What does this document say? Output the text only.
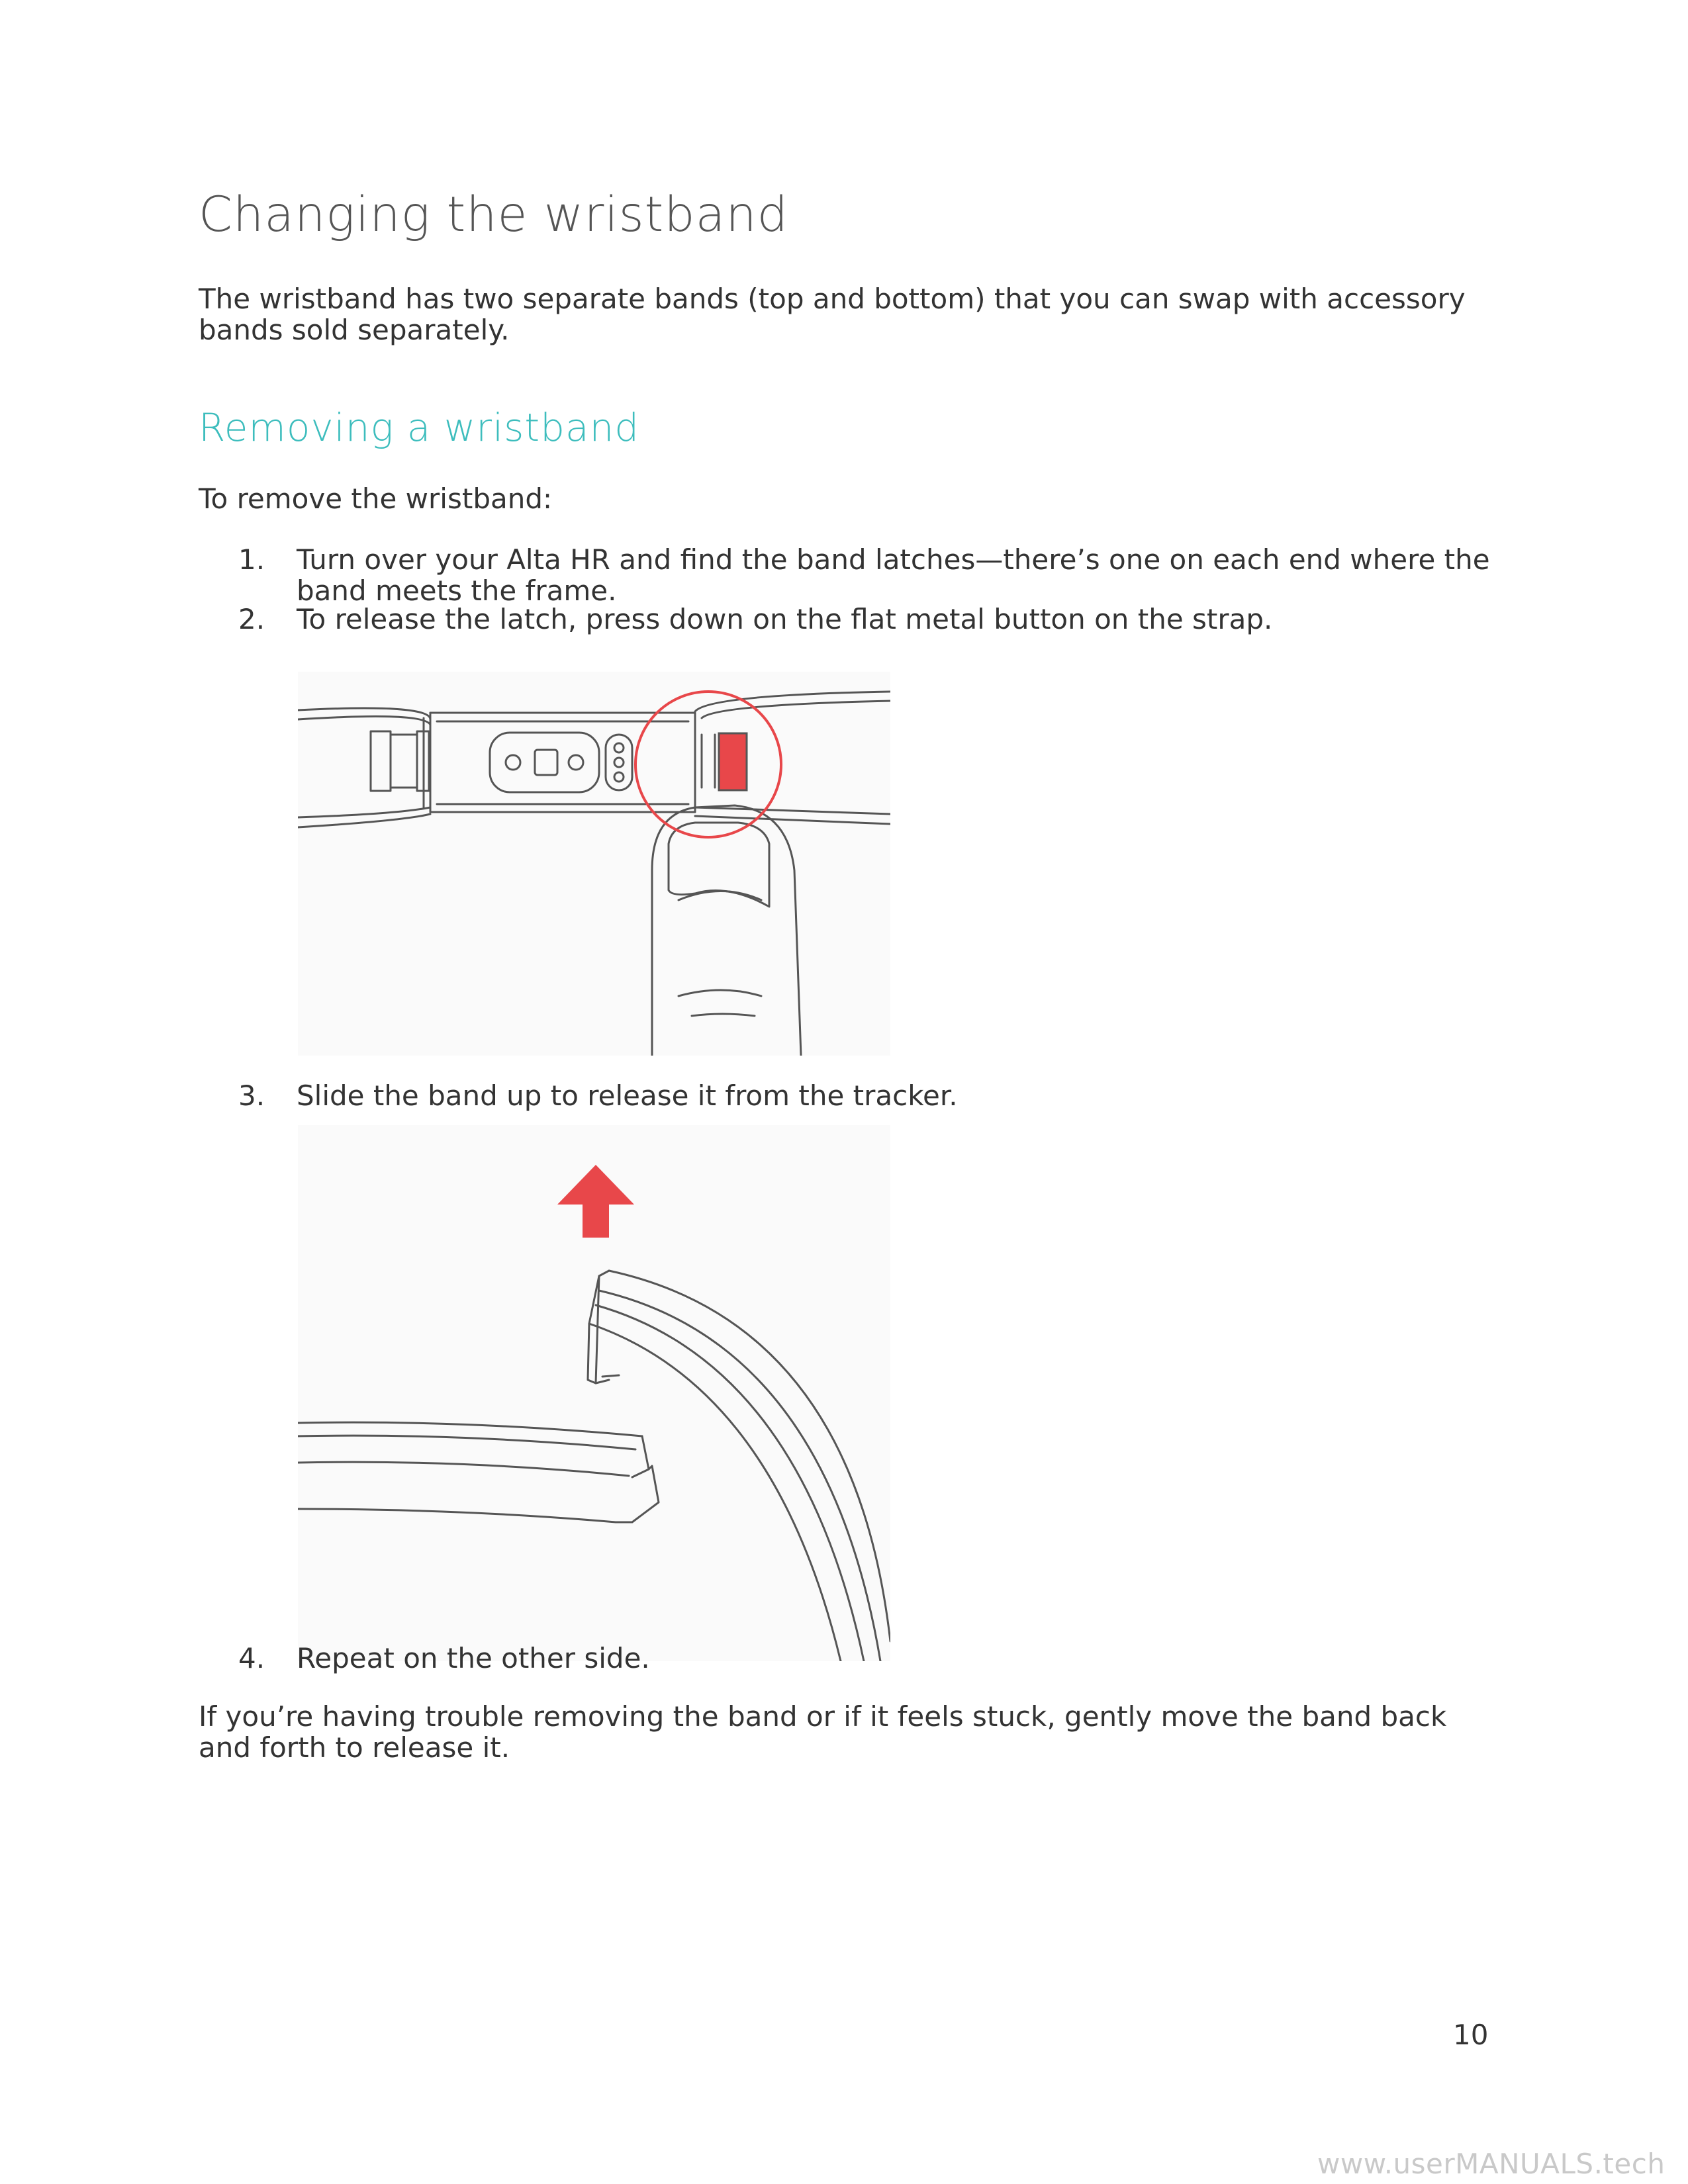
Changing the wristband

The wristband has two separate bands (top and bottom) that you can swap with accessory bands sold separately.

Removing a wristband

To remove the wristband:

1. Turn over your Alta HR and find the band latches—there’s one on each end where the band meets the frame.
2. To release the latch, press down on the flat metal button on the strap.
3. Slide the band up to release it from the tracker.
4. Repeat on the other side.

If you’re having trouble removing the band or if it feels stuck, gently move the band back and forth to release it.

10
www.userMANUALS.tech
